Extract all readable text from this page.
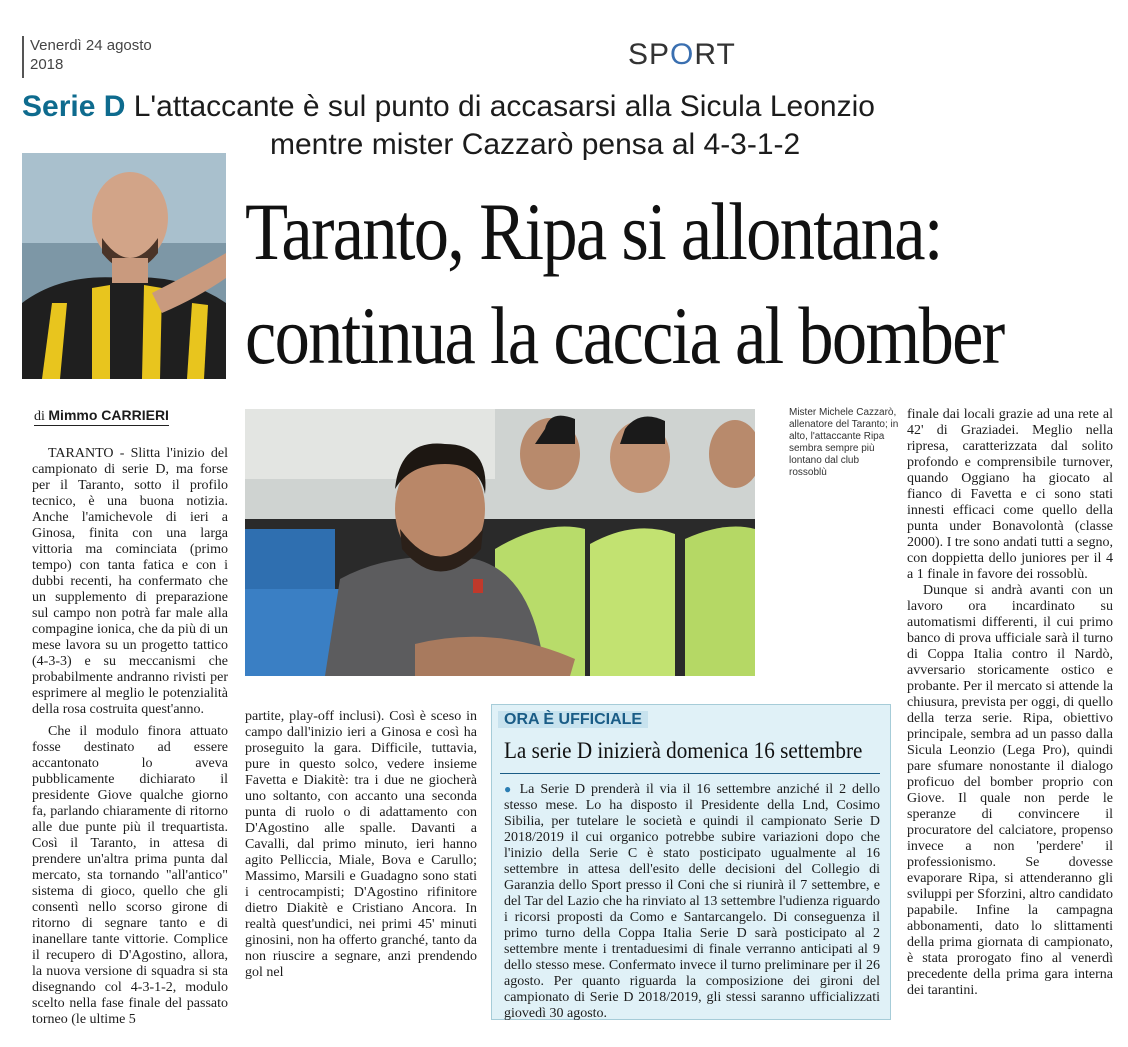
Venerdì 24 agosto
2018	SPORT
Serie D L'attaccante è sul punto di accasarsi alla Sicula Leonzio
mentre mister Cazzarò pensa al 4-3-1-2
Taranto, Ripa si allontana:
continua la caccia al bomber
di Mimmo CARRIERI	Mister Michele Cazzarò, allenatore del Taranto; in alto, l'attaccante Ripa sembra sempre più lontano dal club rossoblù

TARANTO - Slitta l'inizio del campionato di serie D, ma forse per il Taranto, sotto il profilo tecnico, è una buona notizia. Anche l'amichevole di ieri a Ginosa, finita con una larga vittoria ma cominciata (primo tempo) con tanta fatica e con i dubbi recenti, ha confermato che un supplemento di preparazione sul campo non potrà far male alla compagine ionica, che da più di un mese lavora su un progetto tattico (4-3-3) e su meccanismi che probabilmente andranno rivisti per esprimere al meglio le potenzialità della rosa costruita quest'anno.

Che il modulo finora attuato fosse destinato ad essere accantonato lo aveva pubblicamente dichiarato il presidente Giove qualche giorno fa, parlando chiaramente di ritorno alle due punte più il trequartista. Così il Taranto, in attesa di prendere un'altra prima punta dal mercato, sta tornando "all'antico" sistema di gioco, quello che gli consentì nello scorso girone di ritorno di segnare tanto e di inanellare tante vittorie. Complice il recupero di D'Agostino, allora, la nuova versione di squadra si sta disegnando col 4-3-1-2, modulo scelto nella fase finale del passato torneo (le ultime 5

partite, play-off inclusi). Così è sceso in campo dall'inizio ieri a Ginosa e così ha proseguito la gara. Difficile, tuttavia, pure in questo solco, vedere insieme Favetta e Diakitè: tra i due ne giocherà uno soltanto, con accanto una seconda punta di ruolo o di adattamento con D'Agostino alle spalle. Davanti a Cavalli, dal primo minuto, ieri hanno agito Pelliccia, Miale, Bova e Carullo; Massimo, Marsili e Guadagno sono stati i centrocampisti; D'Agostino rifinitore dietro Diakitè e Cristiano Ancora. In realtà quest'undici, nei primi 45' minuti ginosini, non ha offerto granché, tanto da non riuscire a segnare, anzi prendendo gol nel

ORA È UFFICIALE
La serie D inizierà domenica 16 settembre
● La Serie D prenderà il via il 16 settembre anziché il 2 dello stesso mese. Lo ha disposto il Presidente della Lnd, Cosimo Sibilia, per tutelare le società e quindi il campionato Serie D 2018/2019 il cui organico potrebbe subire variazioni dopo che l'inizio della Serie C è stato posticipato ugualmente al 16 settembre in attesa dell'esito delle decisioni del Collegio di Garanzia dello Sport presso il Coni che si riunirà il 7 settembre, e del Tar del Lazio che ha rinviato al 13 settembre l'udienza riguardo i ricorsi proposti da Como e Santarcangelo. Di conseguenza il primo turno della Coppa Italia Serie D sarà posticipato al 2 settembre mente i trentaduesimi di finale verranno anticipati al 9 dello stesso mese. Confermato invece il turno preliminare per il 26 agosto. Per quanto riguarda la composizione dei gironi del campionato di Serie D 2018/2019, gli stessi saranno ufficializzati giovedì 30 agosto.

finale dai locali grazie ad una rete al 42' di Graziadei. Meglio nella ripresa, caratterizzata dal solito profondo e comprensibile turnover, quando Oggiano ha giocato al fianco di Favetta e ci sono stati innesti efficaci come quello della punta under Bonavolontà (classe 2000). I tre sono andati tutti a segno, con doppietta dello juniores per il 4 a 1 finale in favore dei rossoblù.

Dunque si andrà avanti con un lavoro ora incardinato su automatismi differenti, il cui primo banco di prova ufficiale sarà il turno di Coppa Italia contro il Nardò, avversario storicamente ostico e probante. Per il mercato si attende la chiusura, prevista per oggi, di quello della terza serie. Ripa, obiettivo principale, sembra ad un passo dalla Sicula Leonzio (Lega Pro), quindi pare sfumare nonostante il dialogo proficuo del bomber proprio con Giove. Il quale non perde le speranze di convincere il procuratore del calciatore, propenso invece a non 'perdere' il professionismo. Se dovesse evaporare Ripa, si attenderanno gli sviluppi per Sforzini, altro candidato papabile. Infine la campagna abbonamenti, dato lo slittamenti della prima giornata di campionato, è stata prorogato fino al venerdì precedente della prima gara interna dei tarantini.
